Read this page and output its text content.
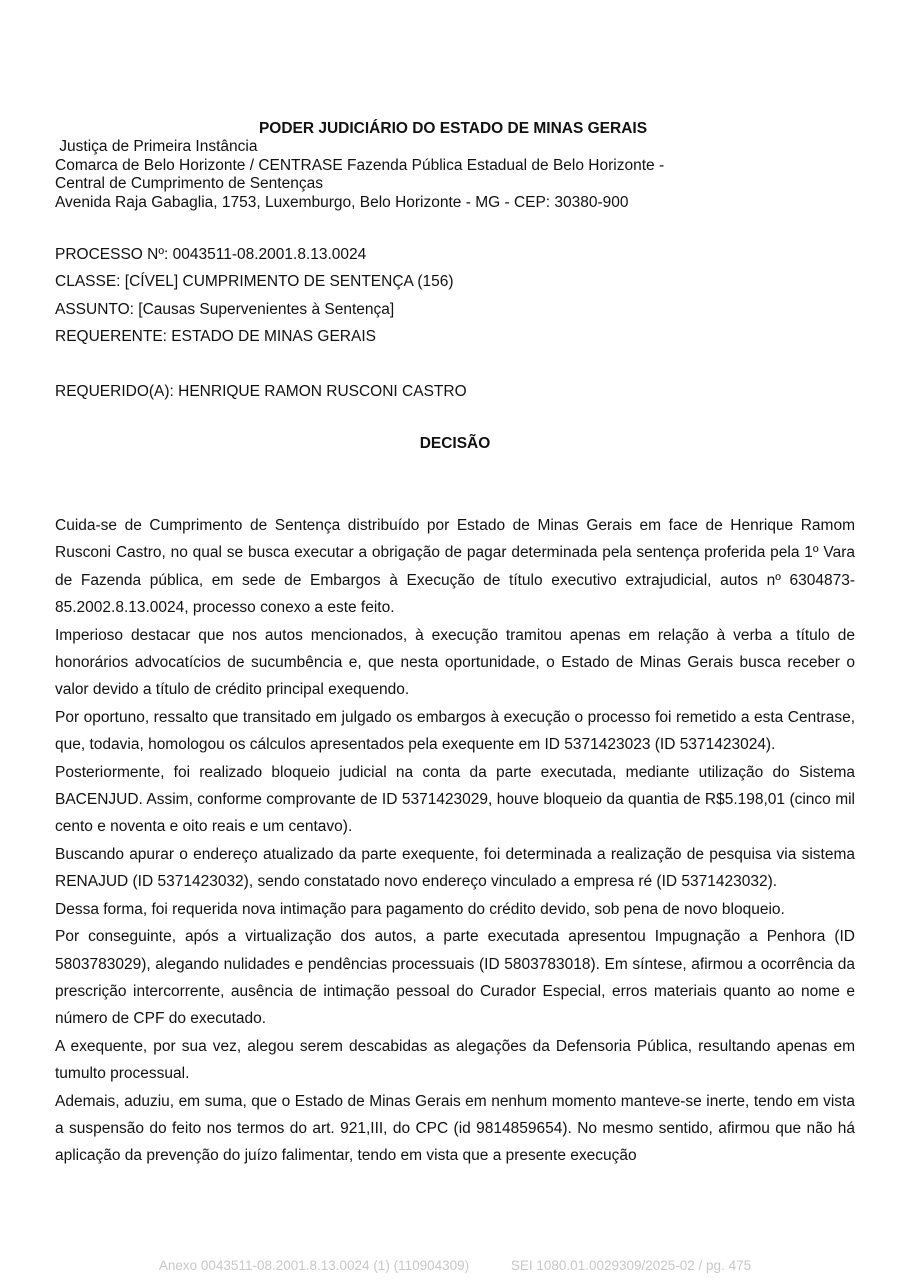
PODER JUDICIÁRIO DO ESTADO DE MINAS GERAIS
Justiça de Primeira Instância
Comarca de Belo Horizonte / CENTRASE Fazenda Pública Estadual de Belo Horizonte -
Central de Cumprimento de Sentenças
Avenida Raja Gabaglia, 1753, Luxemburgo, Belo Horizonte - MG - CEP: 30380-900
PROCESSO Nº: 0043511-08.2001.8.13.0024
CLASSE: [CÍVEL] CUMPRIMENTO DE SENTENÇA (156)
ASSUNTO: [Causas Supervenientes à Sentença]
REQUERENTE: ESTADO DE MINAS GERAIS
REQUERIDO(A): HENRIQUE RAMON RUSCONI CASTRO
DECISÃO

Cuida-se de Cumprimento de Sentença distribuído por Estado de Minas Gerais em face de Henrique Ramom Rusconi Castro, no qual se busca executar a obrigação de pagar determinada pela sentença proferida pela 1º Vara de Fazenda pública, em sede de Embargos à Execução de título executivo extrajudicial, autos nº 6304873-85.2002.8.13.0024, processo conexo a este feito.

Imperioso destacar que nos autos mencionados, à execução tramitou apenas em relação à verba a título de honorários advocatícios de sucumbência e, que nesta oportunidade, o Estado de Minas Gerais busca receber o valor devido a título de crédito principal exequendo.

Por oportuno, ressalto que transitado em julgado os embargos à execução o processo foi remetido a esta Centrase, que, todavia, homologou os cálculos apresentados pela exequente em ID 5371423023 (ID 5371423024).

Posteriormente, foi realizado bloqueio judicial na conta da parte executada, mediante utilização do Sistema BACENJUD. Assim, conforme comprovante de ID 5371423029, houve bloqueio da quantia de R$5.198,01 (cinco mil cento e noventa e oito reais e um centavo).

Buscando apurar o endereço atualizado da parte exequente, foi determinada a realização de pesquisa via sistema RENAJUD (ID 5371423032), sendo constatado novo endereço vinculado a empresa ré (ID 5371423032).

Dessa forma, foi requerida nova intimação para pagamento do crédito devido, sob pena de novo bloqueio.

Por conseguinte, após a virtualização dos autos, a parte executada apresentou Impugnação a Penhora (ID 5803783029), alegando nulidades e pendências processuais (ID 5803783018). Em síntese, afirmou a ocorrência da prescrição intercorrente, ausência de intimação pessoal do Curador Especial, erros materiais quanto ao nome e número de CPF do executado.

A exequente, por sua vez, alegou serem descabidas as alegações da Defensoria Pública, resultando apenas em tumulto processual.

Ademais, aduziu, em suma, que o Estado de Minas Gerais em nenhum momento manteve-se inerte, tendo em vista a suspensão do feito nos termos do art. 921,III, do CPC (id 9814859654). No mesmo sentido, afirmou que não há aplicação da prevenção do juízo falimentar, tendo em vista que a presente execução

Anexo 0043511-08.2001.8.13.0024 (1) (110904309)	SEI 1080.01.0029309/2025-02 / pg. 475
